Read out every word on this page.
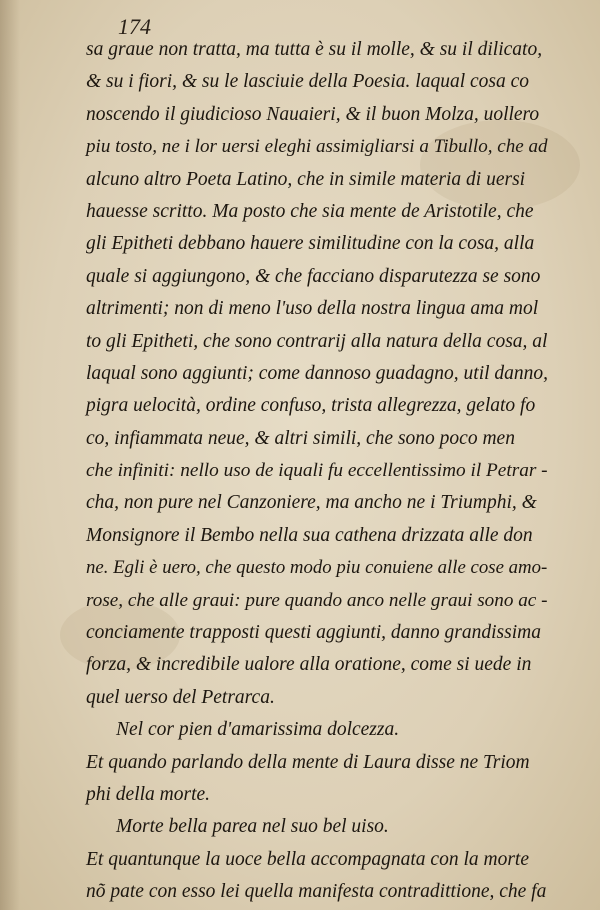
174
sa graue non tratta, ma tutta è su il molle, & su il dilicato,
& su i fiori, & su le lasciuie della Poesia. laqual cosa co
noscendo il giudicioso Nauaieri, & il buon Molza, uollero
piu tosto, ne i lor uersi eleghi assimigliarsi a Tibullo, che ad
alcuno altro Poeta Latino, che in simile materia di uersi
hauesse scritto. Ma posto che sia mente de Aristotile, che
gli Epitheti debbano hauere similitudine con la cosa, alla
quale si aggiungono, & che facciano disparutezza se sono
altrimenti; non di meno l'uso della nostra lingua ama mol
to gli Epitheti, che sono contrarij alla natura della cosa, al
laqual sono aggiunti; come dannoso guadagno, util danno,
pigra uelocità, ordine confuso, trista allegrezza, gelato fo
co, infiammata neue, & altri simili, che sono poco men
che infiniti: nello uso de iquali fu eccellentissimo il Petrar -
cha, non pure nel Canzoniere, ma ancho ne i Triumphi, &
Monsignore il Bembo nella sua cathena drizzata alle don
ne. Egli è uero, che questo modo piu conuiene alle cose amo-
rose, che alle graui: pure quando anco nelle graui sono ac -
conciamente trapposti questi aggiunti, danno grandissima
forza, & incredibile ualore alla oratione, come si uede in
quel uerso del Petrarca.
Nel cor pien d'amarissima dolcezza.
Et quando parlando della mente di Laura disse ne Triom
phi della morte.
Morte bella parea nel suo bel uiso.
Et quantunque la uoce bella accompagnata con la morte
nõ pate con esso lei quella manifesta contradittione, che fa
